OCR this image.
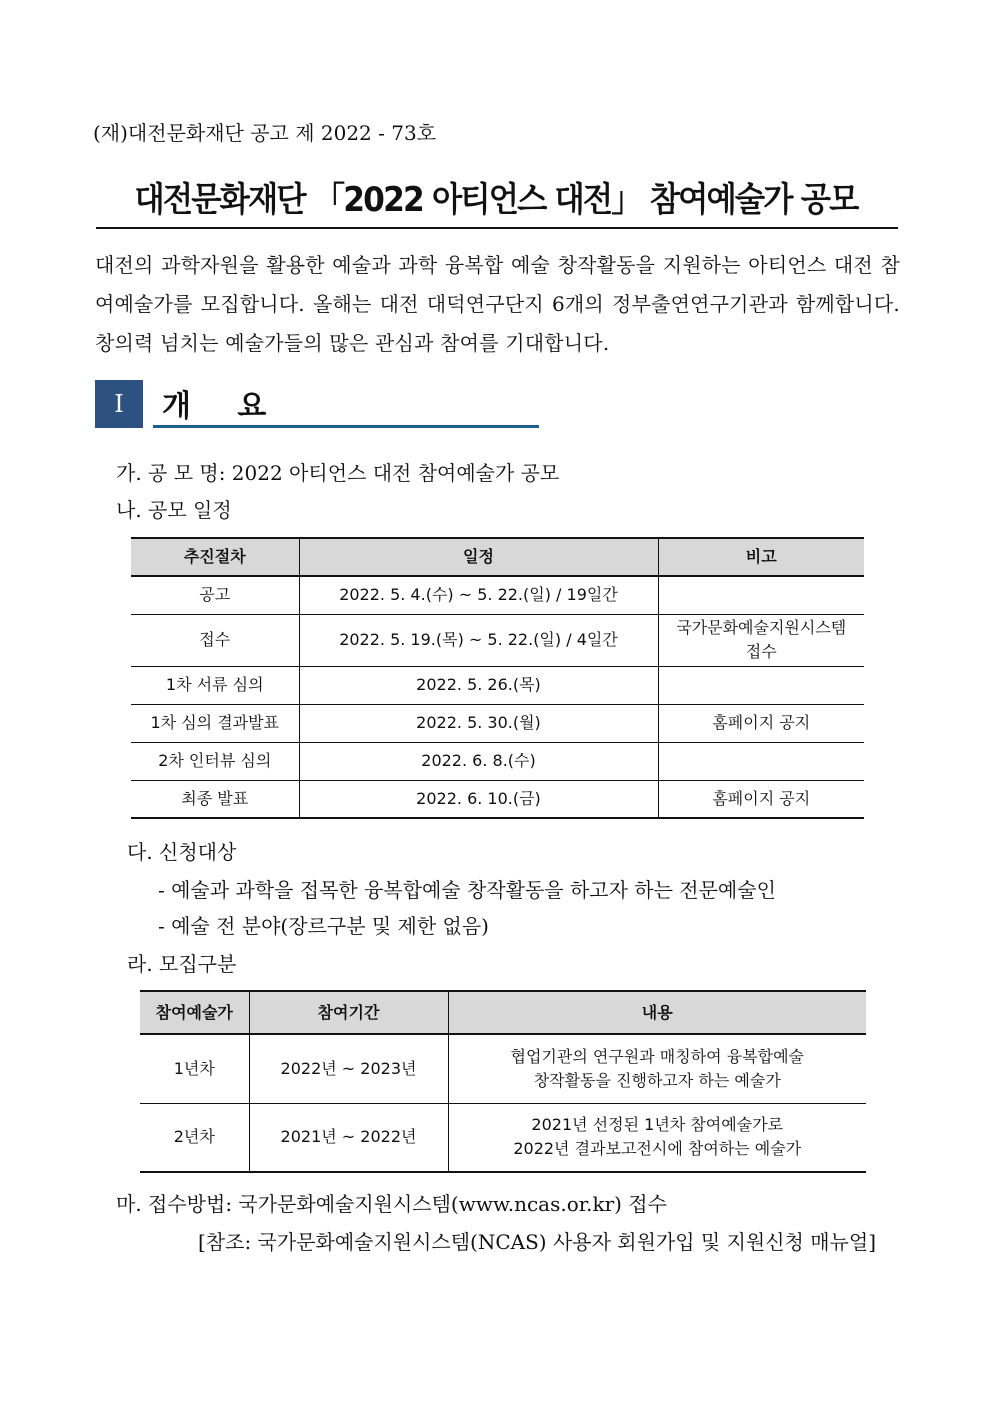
(재)대전문화재단 공고 제 2022 - 73호
대전문화재단 「2022 아티언스 대전」 참여예술가 공모
대전의 과학자원을 활용한 예술과 과학 융복합 예술 창작활동을 지원하는 아티언스 대전 참여예술가를 모집합니다. 올해는 대전 대덕연구단지 6개의 정부출연연구기관과 함께합니다. 창의력 넘치는 예술가들의 많은 관심과 참여를 기대합니다.
Ⅰ	개 요
가. 공 모 명: 2022 아티언스 대전 참여예술가 공모
나. 공모 일정
추진절차	일정	비고
공고	2022. 5. 4.(수) ~ 5. 22.(일) / 19일간	
접수	2022. 5. 19.(목) ~ 5. 22.(일) / 4일간	국가문화예술지원시스템
접수

1차 서류 심의	2022. 5. 26.(목)	
1차 심의 결과발표	2022. 5. 30.(월)	홈페이지 공지
2차 인터뷰 심의	2022. 6. 8.(수)	
최종 발표	2022. 6. 10.(금)	홈페이지 공지
다. 신청대상
- 예술과 과학을 접목한 융복합예술 창작활동을 하고자 하는 전문예술인
- 예술 전 분야(장르구분 및 제한 없음)
라. 모집구분
참여예술가	참여기간	내용
1년차	2022년 ~ 2023년	협업기관의 연구원과 매칭하여 융복합예술
창작활동을 진행하고자 하는 예술가

2년차	2021년 ~ 2022년	2021년 선정된 1년차 참여예술가로
2022년 결과보고전시에 참여하는 예술가
마. 접수방법: 국가문화예술지원시스템(www.ncas.or.kr) 접수
[참조: 국가문화예술지원시스템(NCAS) 사용자 회원가입 및 지원신청 매뉴얼]
